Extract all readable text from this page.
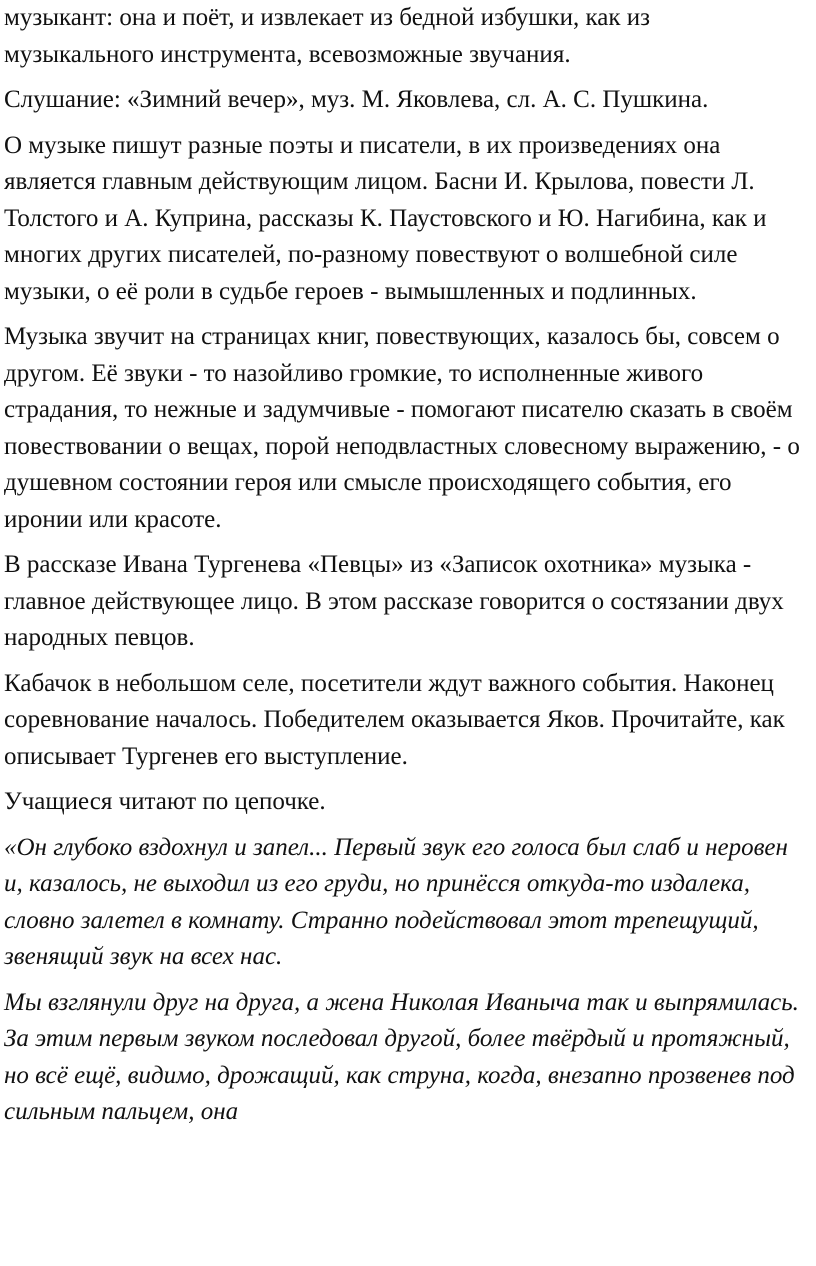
музыкант: она и поёт, и извлекает из бедной избушки, как из музыкального инструмента, всевозможные звучания.

Слушание: «Зимний вечер», муз. М. Яковлева, сл. А. С. Пушкина.

О музыке пишут разные поэты и писатели, в их произведениях она является главным действующим лицом. Басни И. Крылова, повести Л. Толстого и А. Куприна, рассказы К. Паустовского и Ю. Нагибина, как и многих других писателей, по-разному повествуют о волшебной силе музыки, о её роли в судьбе героев - вымышленных и подлинных.

Музыка звучит на страницах книг, повествующих, казалось бы, совсем о другом. Её звуки - то назойливо громкие, то исполненные живого страдания, то нежные и задумчивые - помогают писателю сказать в своём повествовании о вещах, порой неподвластных словесному выражению, - о душевном состоянии героя или смысле происходящего события, его иронии или красоте.

В рассказе Ивана Тургенева «Певцы» из «Записок охотника» музыка - главное действующее лицо. В этом рассказе говорится о состязании двух народных певцов.

Кабачок в небольшом селе, посетители ждут важного события. Наконец соревнование началось. Победителем оказывается Яков. Прочитайте, как описывает Тургенев его выступление.

Учащиеся читают по цепочке.

«Он глубоко вздохнул и запел... Первый звук его голоса был слаб и неровен и, казалось, не выходил из его груди, но принёсся откуда-то издалека, словно залетел в комнату. Странно подействовал этот трепещущий, звенящий звук на всех нас.

Мы взглянули друг на друга, а жена Николая Иваныча так и выпрямилась. За этим первым звуком последовал другой, более твёрдый и протяжный, но всё ещё, видимо, дрожащий, как струна, когда, внезапно прозвенев под сильным пальцем, она
